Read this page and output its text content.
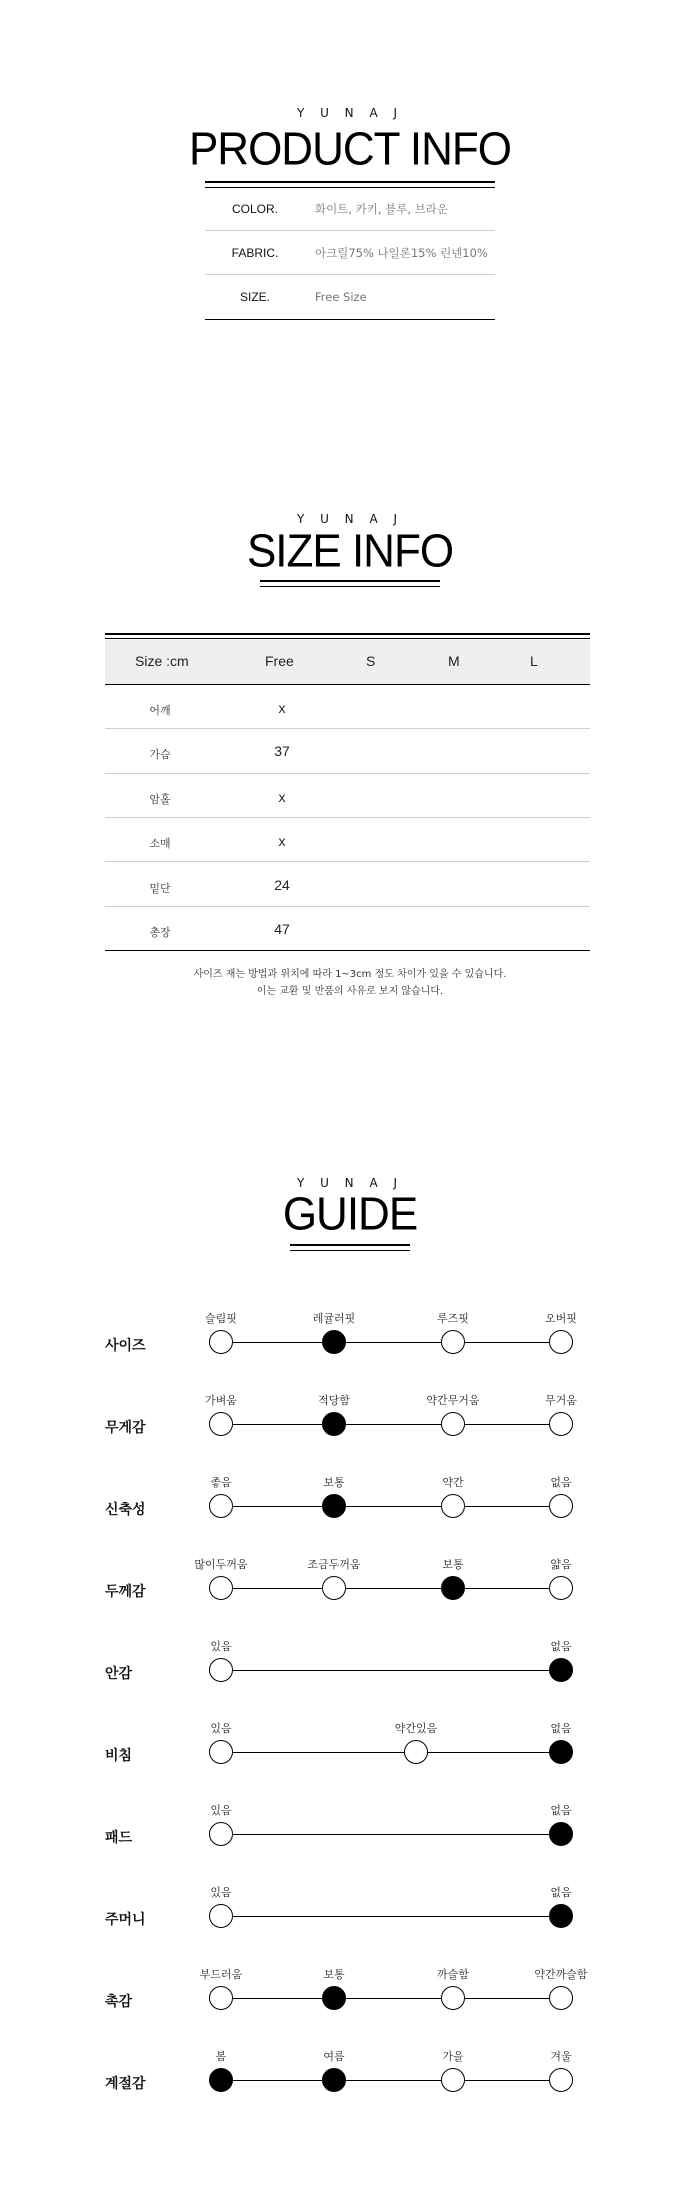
Y U N A J
PRODUCT INFO
COLOR.	화이트, 카키, 블루, 브라운
FABRIC.	아크릴75% 나일론15% 린넨10%
SIZE.	Free Size
Y U N A J
SIZE INFO
Size :cm	Free	S	M	L
어깨	x
가슴	37
암홀	x
소매	x
밑단	24
총장	47
사이즈 재는 방법과 위치에 따라 1~3cm 정도 차이가 있을 수 있습니다.
이는 교환 및 반품의 사유로 보지 않습니다.
Y U N A J
GUIDE
사이즈
슬림핏	레귤러핏	루즈핏	오버핏
무게감
가벼움	적당함	약간무거움	무거움
신축성
좋음	보통	약간	없음
두께감
많이두꺼움	조금두꺼움	보통	얇음
안감
있음	없음
비침
있음	약간있음	없음
패드
있음	없음
주머니
있음	없음
촉감
부드러움	보통	까슬함	약간까슬함
계절감
봄	여름	가을	겨울
